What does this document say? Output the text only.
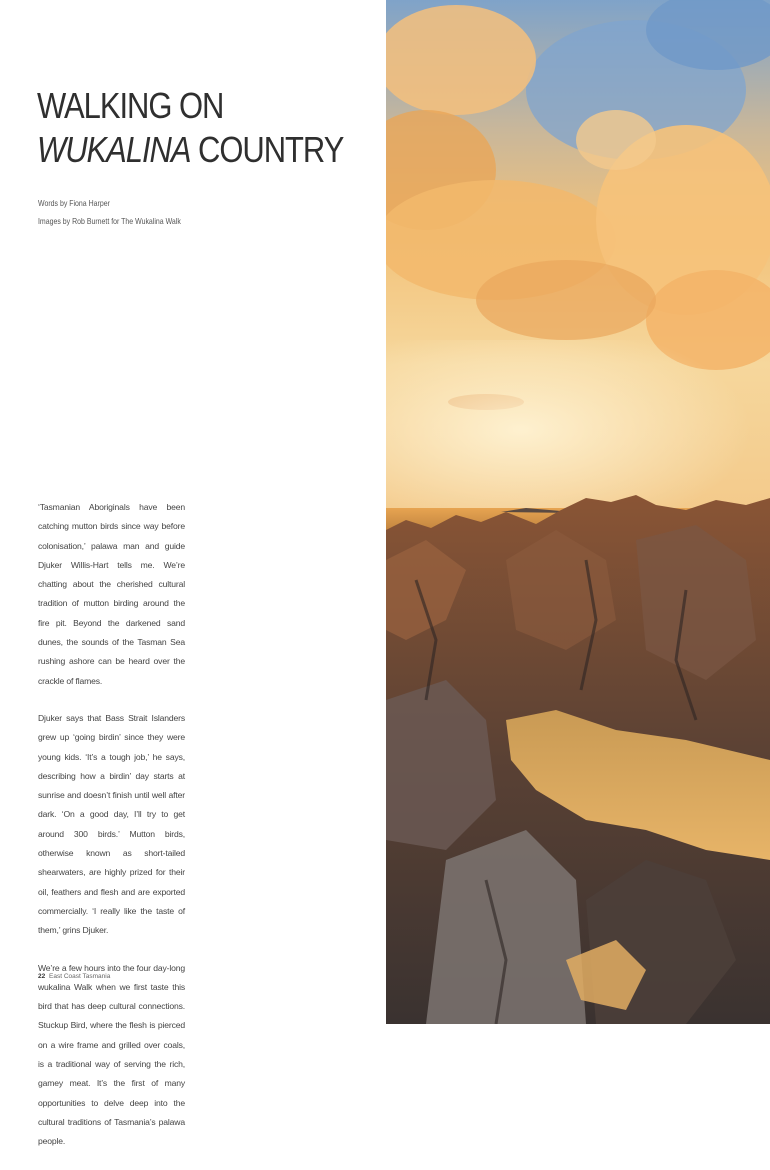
WALKING ON
WUKALINA COUNTRY
Words by Fiona Harper
Images by Rob Burnett for The Wukalina Walk

‘Tasmanian Aboriginals have been catching mutton birds since way before colonisation,’ palawa man and guide Djuker Willis-Hart tells me. We’re chatting about the cherished cultural tradition of mutton birding around the fire pit. Beyond the darkened sand dunes, the sounds of the Tasman Sea rushing ashore can be heard over the crackle of flames.

Djuker says that Bass Strait Islanders grew up ‘going birdin’ since they were young kids. ‘It’s a tough job,’ he says, describing how a birdin’ day starts at sunrise and doesn’t finish until well after dark. ‘On a good day, I’ll try to get around 300 birds.’ Mutton birds, otherwise known as short-tailed shearwaters, are highly prized for their oil, feathers and flesh and are exported commercially. ‘I really like the taste of them,’ grins Djuker.

We’re a few hours into the four day-long wukalina Walk when we first taste this bird that has deep cultural connections. Stuckup Bird, where the flesh is pierced on a wire frame and grilled over coals, is a traditional way of serving the rich, gamey meat. It’s the first of many opportunities to delve deep into the cultural traditions of Tasmania’s palawa people.

22 East Coast Tasmania
